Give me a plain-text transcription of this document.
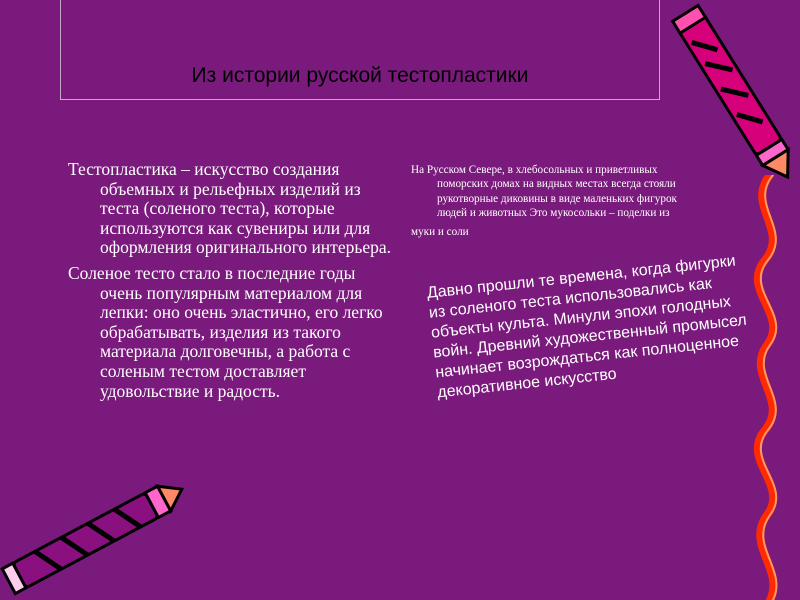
Из истории русской тестопластики

Тестопластика – искусство создания объемных и рельефных изделий из теста (соленого теста), которые используются как сувениры или для оформления оригинального интерьера.

Соленое тесто стало в последние годы очень популярным материалом для лепки: оно очень эластично, его легко обрабатывать, изделия из такого материала долговечны, а работа с соленым тестом доставляет удовольствие и радость.

На Русском Севере, в хлебосольных и приветливых поморских домах на видных местах всегда стояли рукотворные диковины в виде маленьких фигурок людей и животных Это мукосольки – поделки из

муки и соли

Давно прошли те времена, когда фигурки из соленого теста использовались как объекты культа. Минули эпохи голодных войн. Древний художественный промысел начинает возрождаться как полноценное декоративное искусство
